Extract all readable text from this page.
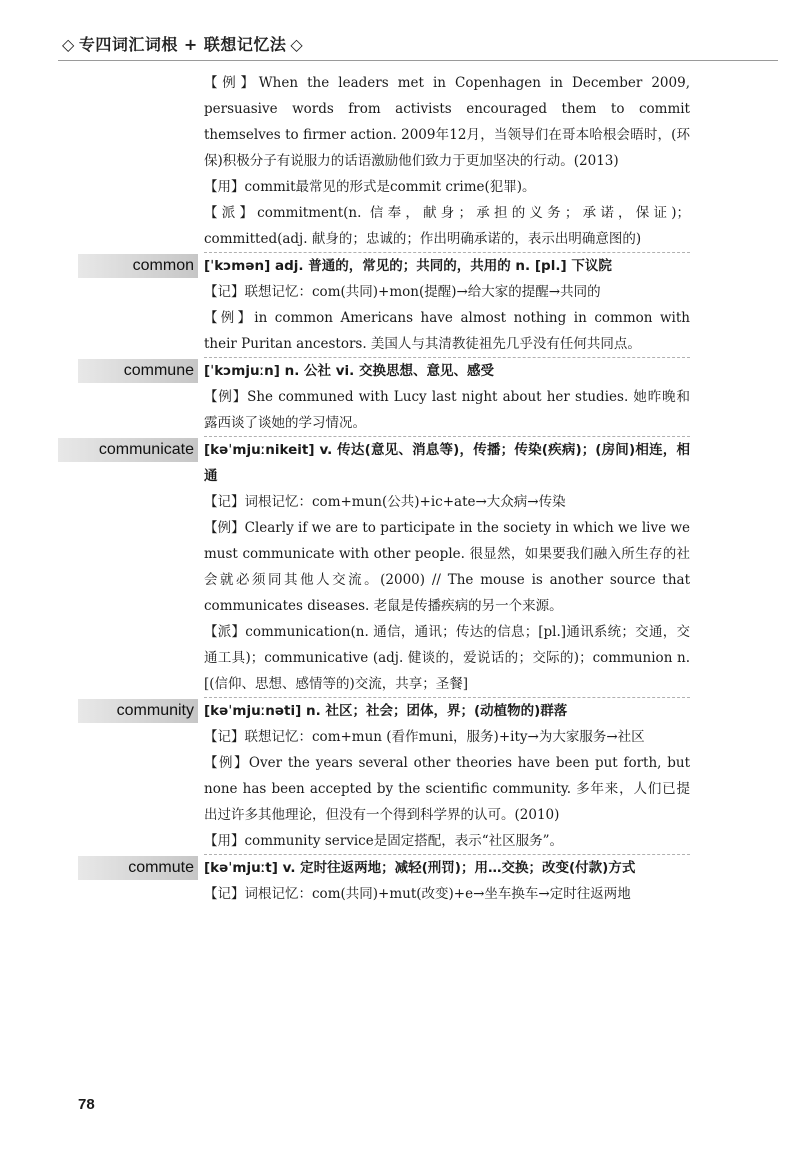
◇ 专四词汇词根 + 联想记忆法 ◇

【例】When the leaders met in Copenhagen in December 2009, persuasive words from activists encouraged them to commit themselves to firmer action. 2009年12月，当领导们在哥本哈根会晤时，(环保)积极分子有说服力的话语激励他们致力于更加坚决的行动。(2013)

【用】commit最常见的形式是commit crime(犯罪)。

【派】commitment(n. 信奉，献身；承担的义务；承诺，保证)；committed(adj. 献身的；忠诚的；作出明确承诺的，表示出明确意图的)

common [ˈkɔmən] adj. 普通的，常见的；共同的，共用的 n. [pl.] 下议院

【记】联想记忆：com(共同)+mon(提醒)→给大家的提醒→共同的

【例】in common Americans have almost nothing in common with their Puritan ancestors. 美国人与其清教徒祖先几乎没有任何共同点。

commune [ˈkɔmjuːn] n. 公社 vi. 交换思想、意见、感受

【例】She communed with Lucy last night about her studies. 她昨晚和露西谈了谈她的学习情况。

communicate [kəˈmjuːnikeit] v. 传达(意见、消息等)，传播；传染(疾病)；(房间)相连，相通

【记】词根记忆：com+mun(公共)+ic+ate→大众病→传染

【例】Clearly if we are to participate in the society in which we live we must communicate with other people. 很显然，如果要我们融入所生存的社会就必须同其他人交流。(2000) // The mouse is another source that communicates diseases. 老鼠是传播疾病的另一个来源。

【派】communication(n. 通信，通讯；传达的信息；[pl.]通讯系统；交通，交通工具)；communicative (adj. 健谈的，爱说话的；交际的)；communion n. [(信仰、思想、感情等的)交流，共享；圣餐]

community [kəˈmjuːnəti] n. 社区；社会；团体，界；(动植物的)群落

【记】联想记忆：com+mun (看作muni，服务)+ity→为大家服务→社区

【例】Over the years several other theories have been put forth, but none has been accepted by the scientific community. 多年来，人们已提出过许多其他理论，但没有一个得到科学界的认可。(2010)

【用】community service是固定搭配，表示“社区服务”。

commute [kəˈmjuːt] v. 定时往返两地；减轻(刑罚)；用…交换；改变(付款)方式

【记】词根记忆：com(共同)+mut(改变)+e→坐车换车→定时往返两地

78
